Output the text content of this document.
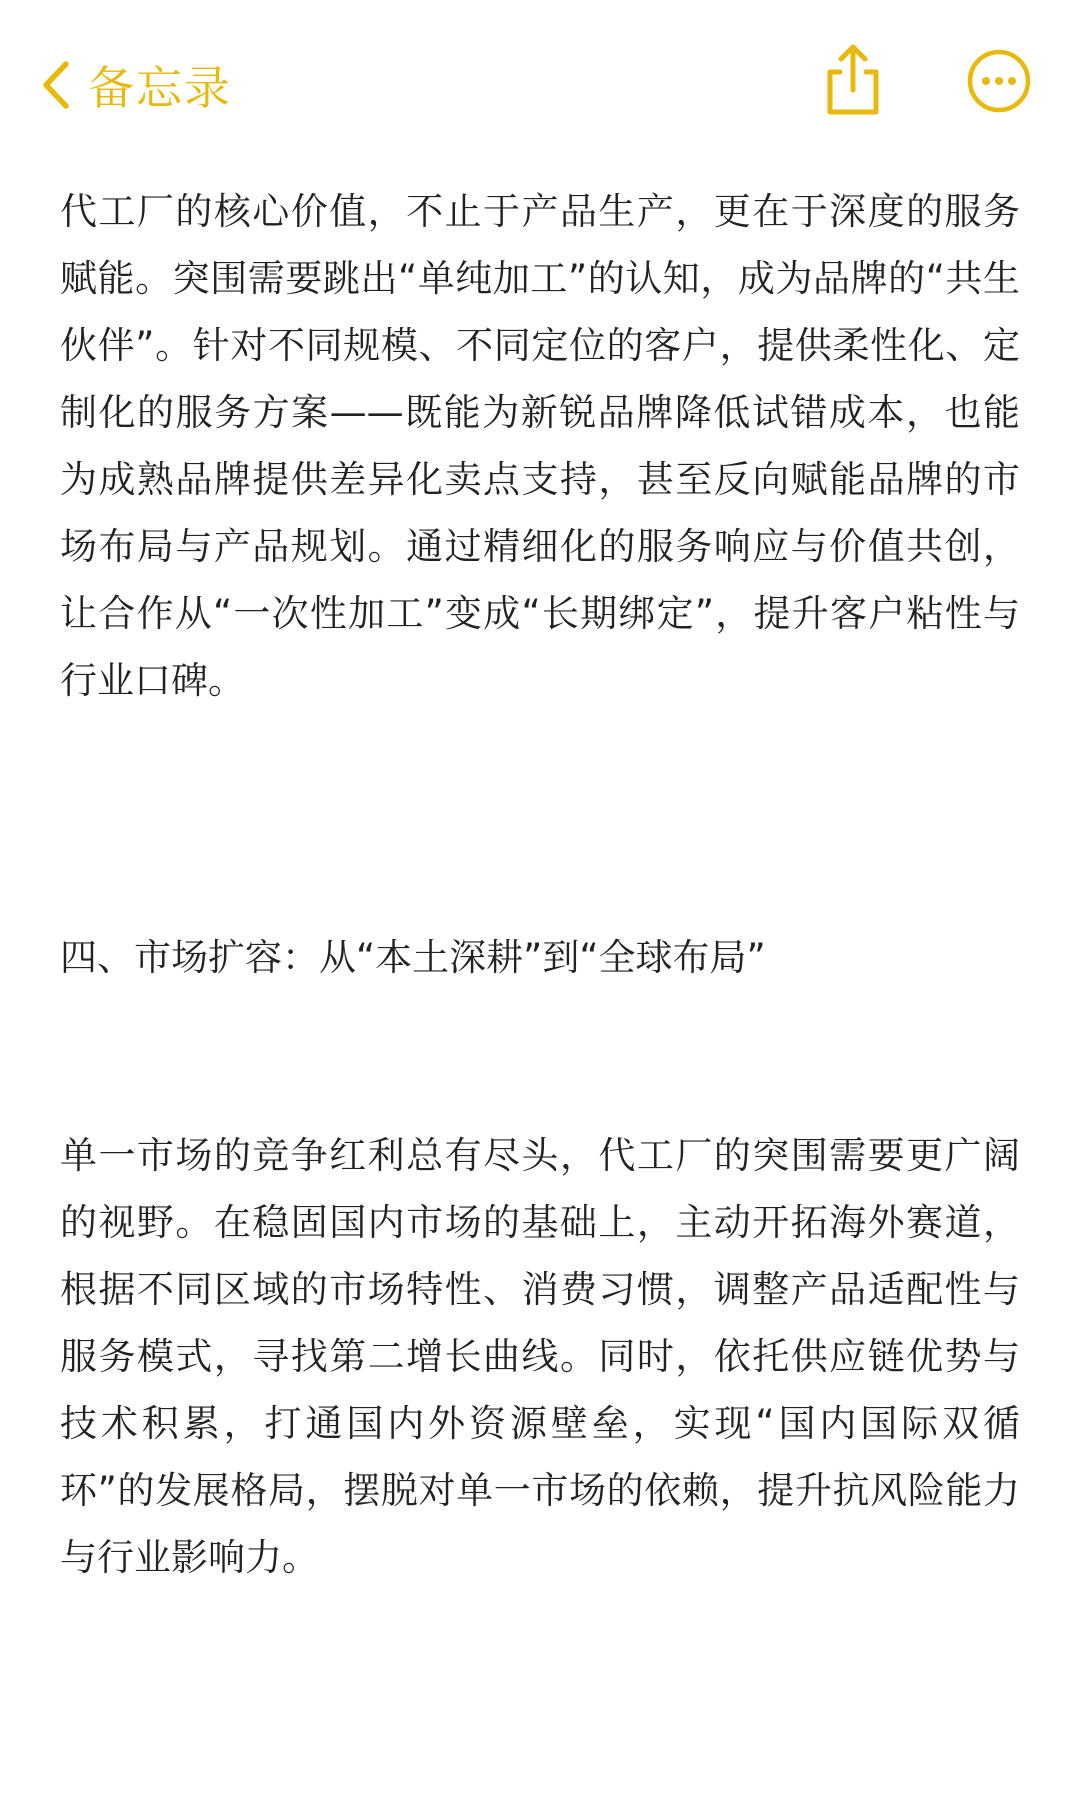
备忘录

代工厂的核心价值，不止于产品生产，更在于深度的服务赋能。突围需要跳出“单纯加工”的认知，成为品牌的“共生伙伴”。针对不同规模、不同定位的客户，提供柔性化、定制化的服务方案——既能为新锐品牌降低试错成本，也能为成熟品牌提供差异化卖点支持，甚至反向赋能品牌的市场布局与产品规划。通过精细化的服务响应与价值共创，让合作从“一次性加工”变成“长期绑定”，提升客户粘性与行业口碑。

四、市场扩容：从“本土深耕”到“全球布局”

单一市场的竞争红利总有尽头，代工厂的突围需要更广阔的视野。在稳固国内市场的基础上，主动开拓海外赛道，根据不同区域的市场特性、消费习惯，调整产品适配性与服务模式，寻找第二增长曲线。同时，依托供应链优势与技术积累，打通国内外资源壁垒，实现“国内国际双循环”的发展格局，摆脱对单一市场的依赖，提升抗风险能力与行业影响力。
